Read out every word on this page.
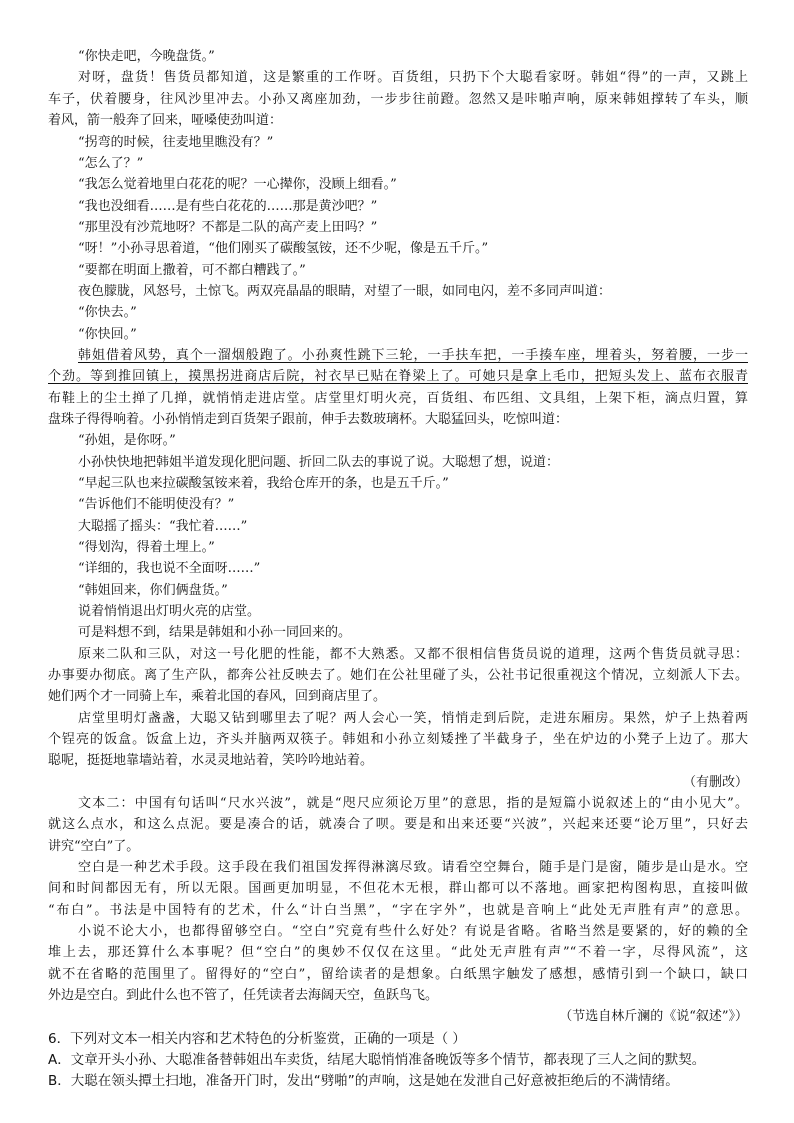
“你快走吧，今晚盘货。”

对呀，盘货！售货员都知道，这是繁重的工作呀。百货组，只扔下个大聪看家呀。韩姐“得”的一声，又跳上

车子，伏着腰身，往风沙里冲去。小孙又离座加劲，一步步往前蹬。忽然又是咔啪声响，原来韩姐撑转了车头，顺

着风，箭一般奔了回来，哑嗓使劲叫道：

“拐弯的时候，往麦地里瞧没有？”

“怎么了？”

“我怎么觉着地里白花花的呢？一心撵你，没顾上细看。”

“我也没细看……是有些白花花的……那是黄沙吧？”

“那里没有沙荒地呀？不都是二队的高产麦上田吗？”

“呀！”小孙寻思着道，“他们刚买了碳酸氢铵，还不少呢，像是五千斤。”

“要都在明面上撒着，可不都白糟践了。”

夜色朦胧，风怒号，土惊飞。两双亮晶晶的眼睛，对望了一眼，如同电闪，差不多同声叫道：

“你快去。”

“你快回。”

韩姐借着风势，真个一溜烟般跑了。小孙爽性跳下三轮，一手扶车把，一手揍车座，埋着头，努着腰，一步一

个劲。等到推回镇上，摸黑拐进商店后院，衬衣早已贴在脊梁上了。可她只是拿上毛巾，把短头发上、蓝布衣服青

布鞋上的尘土掸了几掸，就悄悄走进店堂。店堂里灯明火亮，百货组、布匹组、文具组，上架下柜，滴点归置，算

盘珠子得得响着。小孙悄悄走到百货架子跟前，伸手去数玻璃杯。大聪猛回头，吃惊叫道：

“孙姐，是你呀。”

小孙快快地把韩姐半道发现化肥问题、折回二队去的事说了说。大聪想了想，说道：

“早起三队也来拉碳酸氢铵来着，我给仓库开的条，也是五千斤。”

“告诉他们不能明使没有？”

大聪摇了摇头：“我忙着……”

“得划沟，得着土埋上。”

“详细的，我也说不全面呀……”

“韩姐回来，你们俩盘货。”

说着悄悄退出灯明火亮的店堂。

可是料想不到，结果是韩姐和小孙一同回来的。

原来二队和三队，对这一号化肥的性能，都不大熟悉。又都不很相信售货员说的道理，这两个售货员就寻思：

办事要办彻底。离了生产队，都奔公社反映去了。她们在公社里碰了头，公社书记很重视这个情况，立刻派人下去。

她们两个才一同骑上车，乘着北国的春风，回到商店里了。

店堂里明灯盏盏，大聪又钻到哪里去了呢？两人会心一笑，悄悄走到后院，走进东厢房。果然，炉子上热着两

个锃亮的饭盒。饭盒上边，齐头并脑两双筷子。韩姐和小孙立刻矮挫了半截身子，坐在炉边的小凳子上边了。那大

聪呢，挺挺地靠墙站着，水灵灵地站着，笑吟吟地站着。

（有删改）

文本二：中国有句话叫“尺水兴波”，就是“咫尺应须论万里”的意思，指的是短篇小说叙述上的“由小见大”。

就这么点水，和这么点泥。要是凑合的话，就凑合了呗。要是和出来还要“兴波”，兴起来还要“论万里”，只好去

讲究“空白”了。

空白是一种艺术手段。这手段在我们祖国发挥得淋漓尽致。请看空空舞台，随手是门是窗，随步是山是水。空

间和时间都因无有，所以无限。国画更加明显，不但花木无根，群山都可以不落地。画家把构图构思，直接叫做

“布白”。书法是中国特有的艺术，什么“计白当黑”，“字在字外”，也就是音响上“此处无声胜有声”的意思。

小说不论大小，也都得留够空白。“空白”究竟有些什么好处？有说是省略。省略当然是要紧的，好的赖的全

堆上去，那还算什么本事呢？但“空白”的奥妙不仅仅在这里。“此处无声胜有声”“不着一字，尽得风流”，这

就不在省略的范围里了。留得好的“空白”，留给读者的是想象。白纸黑字触发了感想，感情引到一个缺口，缺口

外边是空白。到此什么也不管了，任凭读者去海阔天空，鱼跃鸟飞。

（节选自林斤澜的《说“叙述”》）

6．下列对文本一相关内容和艺术特色的分析鉴赏，正确的一项是（ ）

A．文章开头小孙、大聪准备替韩姐出车卖货，结尾大聪悄悄准备晚饭等多个情节，都表现了三人之间的默契。

B．大聪在领头撢土扫地，准备开门时，发出“劈啪”的声响，这是她在发泄自己好意被拒绝后的不满情绪。
